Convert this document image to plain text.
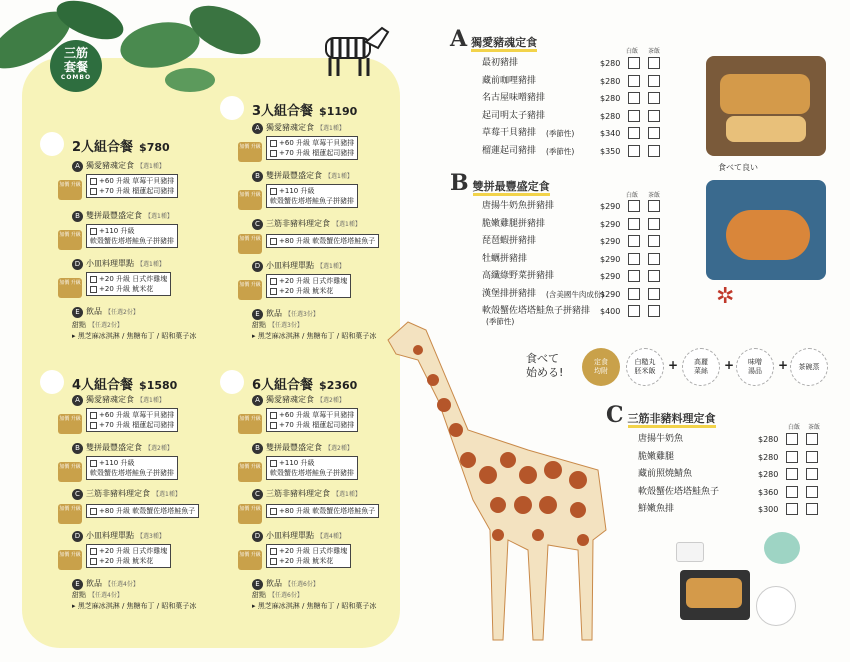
三筋
套餐
COMBO
2人組合餐 $780
A 獨愛豬魂定食 【選1種】
加價 升級	+60 升級 草莓干貝豬排
+70 升級 榴蓮起司豬排
B 雙拼最豐盛定食 【選1種】
加價 升級	+110 升級
軟殼蟹佐塔塔鮭魚子拼豬排
D 小皿料理單點 【選1種】
加價 升級	+20 升級 日式炸雞塊
+20 升級 魷米花
E 飲品 【任選2份】
甜點 【任選2份】
▸ 黑芝麻冰淇淋 / 焦糖布丁 / 昭和菓子冰
3人組合餐 $1190
A 獨愛豬魂定食 【選1種】
加價 升級	+60 升級 草莓干貝豬排
+70 升級 榴蓮起司豬排
B 雙拼最豐盛定食 【選1種】
加價 升級	+110 升級
軟殼蟹佐塔塔鮭魚子拼豬排
C 三筋非豬料理定食 【選1種】
加價 升級	+80 升級 軟殼蟹佐塔塔鮭魚子
D 小皿料理單點 【選1種】
加價 升級	+20 升級 日式炸雞塊
+20 升級 魷米花
E 飲品 【任選3份】
甜點 【任選3份】
▸ 黑芝麻冰淇淋 / 焦糖布丁 / 昭和菓子冰
4人組合餐 $1580
A 獨愛豬魂定食 【選1種】
加價 升級	+60 升級 草莓干貝豬排
+70 升級 榴蓮起司豬排
B 雙拼最豐盛定食 【選2種】
加價 升級	+110 升級
軟殼蟹佐塔塔鮭魚子拼豬排
C 三筋非豬料理定食 【選1種】
加價 升級	+80 升級 軟殼蟹佐塔塔鮭魚子
D 小皿料理單點 【選3種】
加價 升級	+20 升級 日式炸雞塊
+20 升級 魷米花
E 飲品 【任選4份】
甜點 【任選4份】
▸ 黑芝麻冰淇淋 / 焦糖布丁 / 昭和菓子冰
6人組合餐 $2360
A 獨愛豬魂定食 【選2種】
加價 升級	+60 升級 草莓干貝豬排
+70 升級 榴蓮起司豬排
B 雙拼最豐盛定食 【選2種】
加價 升級	+110 升級
軟殼蟹佐塔塔鮭魚子拼豬排
C 三筋非豬料理定食 【選1種】
加價 升級	+80 升級 軟殼蟹佐塔塔鮭魚子
D 小皿料理單點 【選4種】
加價 升級	+20 升級 日式炸雞塊
+20 升級 魷米花
E 飲品 【任選6份】
甜點 【任選6份】
▸ 黑芝麻冰淇淋 / 焦糖布丁 / 昭和菓子冰
A獨愛豬魂定食
白飯 茶飯
食べて良い
✲
B雙拼最豐盛定食
白飯 茶飯
食べて
始める!
定食
均附
白糙丸
胚米飯 + 高麗
菜絲 + 味噌
湯品 + 茶碗蒸
C三筋非豬料理定食
白飯 茶飯
最初豬排	$280
藏前咖哩豬排	$280
名古屋味噌豬排	$280
起司明太子豬排	$280
草莓干貝豬排 (季節性)	$340
榴蓮起司豬排 (季節性)	$350
唐揚牛奶魚拼豬排	$290
脆嫩雞腿拼豬排	$290
琵琶蝦拼豬排	$290
牡蠣拼豬排	$290
高纖綠野菜拼豬排	$290
漢堡排拼豬排 (含美國牛肉成份)
$290
軟殼蟹佐塔塔鮭魚子拼豬排
(季節性)
$400
唐揚牛奶魚	$280
脆嫩雞腿	$280
藏前照燒鯖魚	$280
軟殼蟹佐塔塔鮭魚子	$360
鮮嫩魚排	$300
